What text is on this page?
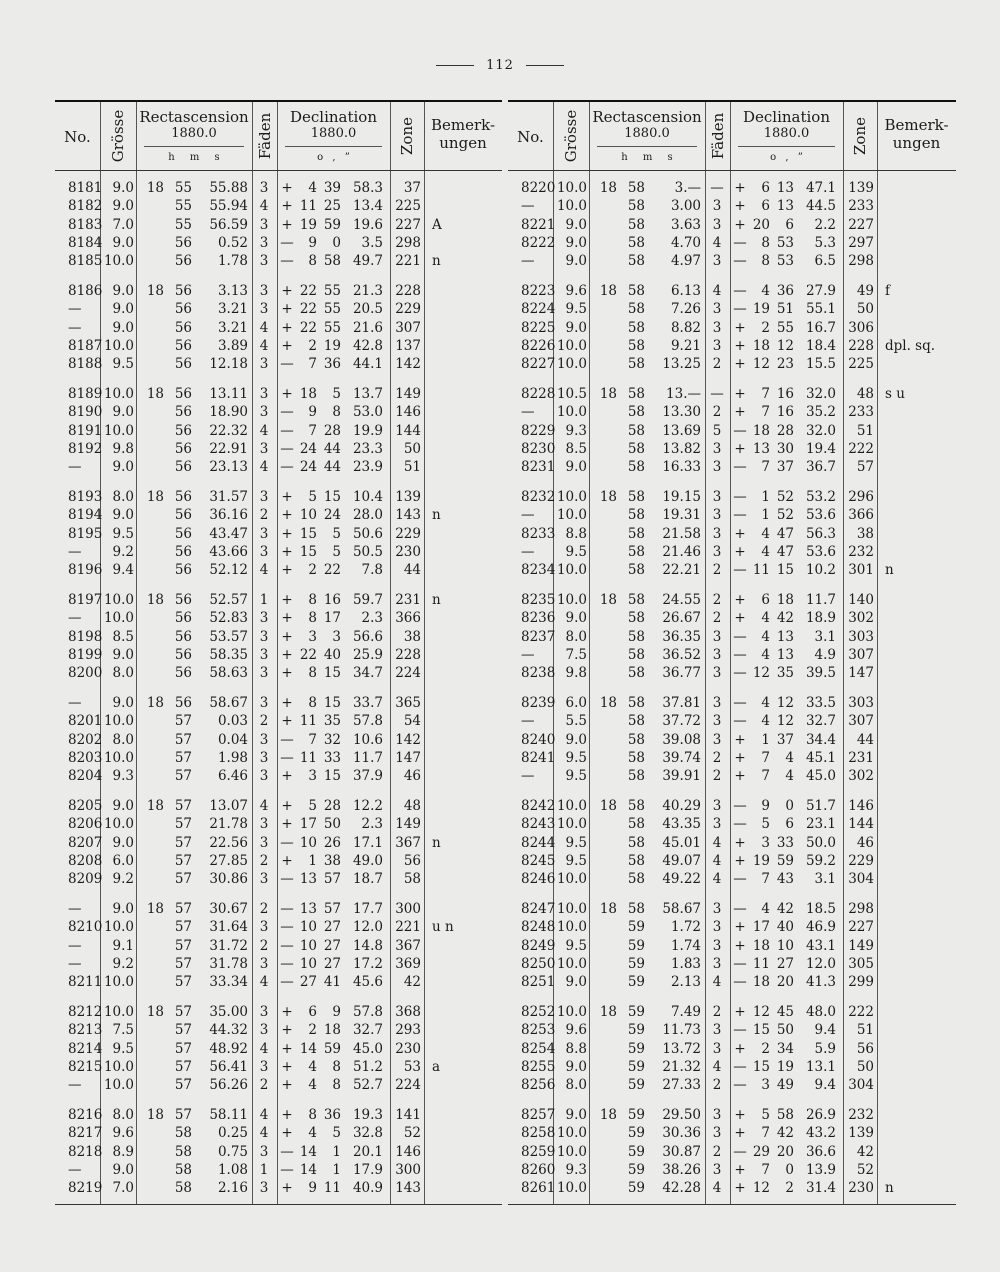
112
No.	Grösse Rectascension
1880.0
h m s	Fäden	Declination
1880.0
o , ”
Zone Bemerk-
ungen
8181 9.0 18 55 55.88 3 + 4 39 58.3 37
8182 9.0	55 55.94 4 + 11 25 13.4 225
8183 7.0	55 56.59 3 + 19 59 19.6 227 A
8184 9.0	56 0.52 3 — 9 0 3.5 298
8185 10.0	56 1.78 3 — 8 58 49.7 221 n
8186 9.0 18 56 3.13 3 + 22 55 21.3 228
— 9.0	56 3.21 3 + 22 55 20.5 229
— 9.0	56 3.21 4 + 22 55 21.6 307
8187 10.0	56 3.89 4 + 2 19 42.8 137
8188 9.5	56 12.18 3 — 7 36 44.1 142
8189 10.0 18 56 13.11 3 + 18 5 13.7 149
8190 9.0	56 18.90 3 — 9 8 53.0 146
8191 10.0	56 22.32 4 — 7 28 19.9 144
8192 9.8	56 22.91 3 — 24 44 23.3 50
— 9.0	56 23.13 4 — 24 44 23.9 51
8193 8.0 18 56 31.57 3 + 5 15 10.4 139
8194 9.0	56 36.16 2 + 10 24 28.0 143 n
8195 9.5	56 43.47 3 + 15 5 50.6 229
— 9.2	56 43.66 3 + 15 5 50.5 230
8196 9.4	56 52.12 4 + 2 22 7.8 44
8197 10.0 18 56 52.57 1 + 8 16 59.7 231 n
— 10.0	56 52.83 3 + 8 17 2.3 366
8198 8.5	56 53.57 3 + 3 3 56.6 38
8199 9.0	56 58.35 3 + 22 40 25.9 228
8200 8.0	56 58.63 3 + 8 15 34.7 224
— 9.0 18 56 58.67 3 + 8 15 33.7 365
8201 10.0	57 0.03 2 + 11 35 57.8 54
8202 8.0	57 0.04 3 — 7 32 10.6 142
8203 10.0	57 1.98 3 — 11 33 11.7 147
8204 9.3	57 6.46 3 + 3 15 37.9 46
8205 9.0 18 57 13.07 4 + 5 28 12.2 48
8206 10.0	57 21.78 3 + 17 50 2.3 149
8207 9.0	57 22.56 3 — 10 26 17.1 367 n
8208 6.0	57 27.85 2 + 1 38 49.0 56
8209 9.2	57 30.86 3 — 13 57 18.7 58
— 9.0 18 57 30.67 2 — 13 57 17.7 300
8210 10.0	57 31.64 3 — 10 27 12.0 221 u n
— 9.1	57 31.72 2 — 10 27 14.8 367
— 9.2	57 31.78 3 — 10 27 17.2 369
8211 10.0	57 33.34 4 — 27 41 45.6 42
8212 10.0 18 57 35.00 3 + 6 9 57.8 368
8213 7.5	57 44.32 3 + 2 18 32.7 293
8214 9.5	57 48.92 4 + 14 59 45.0 230
8215 10.0	57 56.41 3 + 4 8 51.2 53 a
— 10.0	57 56.26 2 + 4 8 52.7 224
8216 8.0 18 57 58.11 4 + 8 36 19.3 141
8217 9.6	58 0.25 4 + 4 5 32.8 52
8218 8.9	58 0.75 3 — 14 1 20.1 146
— 9.0	58 1.08 1 — 14 1 17.9 300
8219 7.0	58 2.16 3 + 9 11 40.9 143
No.	Grösse Rectascension
1880.0
h m s	Fäden	Declination
1880.0
o , ”
Zone	Bemerk-
ungen
8220 10.0 18 58 3.— — + 6 13 47.1 139
— 10.0	58 3.00 3 + 6 13 44.5 233
8221 9.0	58 3.63 3 + 20 6 2.2 227
8222 9.0	58 4.70 4 — 8 53 5.3 297
— 9.0	58 4.97 3 — 8 53 6.5 298
8223 9.6 18 58 6.13 4 — 4 36 27.9 49 f
8224 9.5	58 7.26 3 — 19 51 55.1 50
8225 9.0	58 8.82 3 + 2 55 16.7 306
8226 10.0	58 9.21 3 + 18 12 18.4 228 dpl. sq.
8227 10.0	58 13.25 2 + 12 23 15.5 225
8228 10.5 18 58 13.— — + 7 16 32.0 48 s u
— 10.0	58 13.30 2 + 7 16 35.2 233
8229 9.3	58 13.69 5 — 18 28 32.0 51
8230 8.5	58 13.82 3 + 13 30 19.4 222
8231 9.0	58 16.33 3 — 7 37 36.7 57
8232 10.0 18 58 19.15 3 — 1 52 53.2 296
— 10.0	58 19.31 3 — 1 52 53.6 366
8233 8.8	58 21.58 3 + 4 47 56.3 38
— 9.5	58 21.46 3 + 4 47 53.6 232
8234 10.0	58 22.21 2 — 11 15 10.2 301 n
8235 10.0 18 58 24.55 2 + 6 18 11.7 140
8236 9.0	58 26.67 2 + 4 42 18.9 302
8237 8.0	58 36.35 3 — 4 13 3.1 303
— 7.5	58 36.52 3 — 4 13 4.9 307
8238 9.8	58 36.77 3 — 12 35 39.5 147
8239 6.0 18 58 37.81 3 — 4 12 33.5 303
— 5.5	58 37.72 3 — 4 12 32.7 307
8240 9.0	58 39.08 3 + 1 37 34.4 44
8241 9.5	58 39.74 2 + 7 4 45.1 231
— 9.5	58 39.91 2 + 7 4 45.0 302
8242 10.0 18 58 40.29 3 — 9 0 51.7 146
8243 10.0	58 43.35 3 — 5 6 23.1 144
8244 9.5	58 45.01 4 + 3 33 50.0 46
8245 9.5	58 49.07 4 + 19 59 59.2 229
8246 10.0	58 49.22 4 — 7 43 3.1 304
8247 10.0 18 58 58.67 3 — 4 42 18.5 298
8248 10.0	59 1.72 3 + 17 40 46.9 227
8249 9.5	59 1.74 3 + 18 10 43.1 149
8250 10.0	59 1.83 3 — 11 27 12.0 305
8251 9.0	59 2.13 4 — 18 20 41.3 299
8252 10.0 18 59 7.49 2 + 12 45 48.0 222
8253 9.6	59 11.73 3 — 15 50 9.4 51
8254 8.8	59 13.72 3 + 2 34 5.9 56
8255 9.0	59 21.32 4 — 15 19 13.1 50
8256 8.0	59 27.33 2 — 3 49 9.4 304
8257 9.0 18 59 29.50 3 + 5 58 26.9 232
8258 10.0	59 30.36 3 + 7 42 43.2 139
8259 10.0	59 30.87 2 — 29 20 36.6 42
8260 9.3	59 38.26 3 + 7 0 13.9 52
8261 10.0	59 42.28 4 + 12 2 31.4 230 n
